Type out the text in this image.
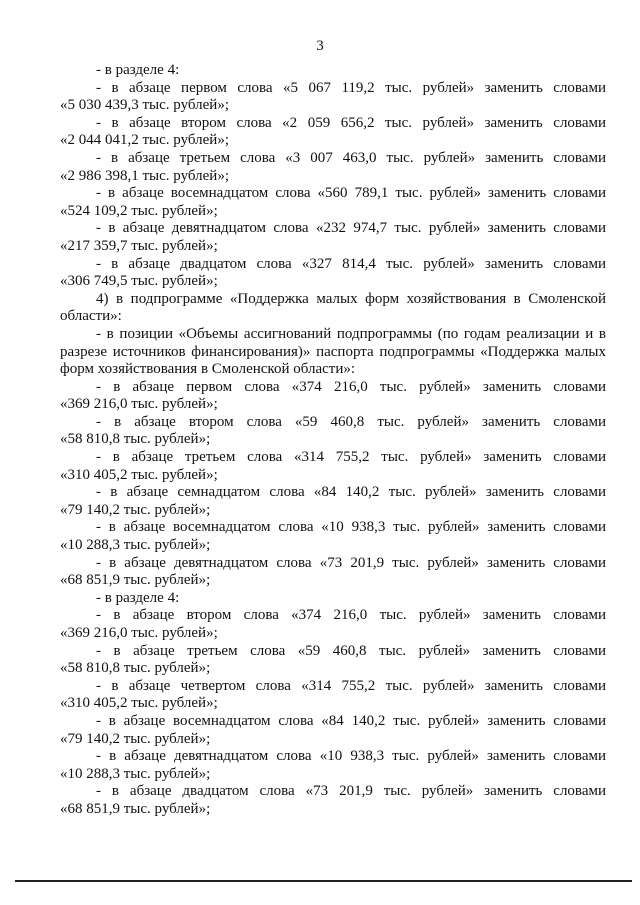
3
- в разделе 4:
- в абзаце первом слова «5 067 119,2 тыс. рублей» заменить словами
«5 030 439,3 тыс. рублей»;
- в абзаце втором слова «2 059 656,2 тыс. рублей» заменить словами
«2 044 041,2 тыс. рублей»;
- в абзаце третьем слова «3 007 463,0 тыс. рублей» заменить словами
«2 986 398,1 тыс. рублей»;
- в абзаце восемнадцатом слова «560 789,1 тыс. рублей» заменить словами
«524 109,2 тыс. рублей»;
- в абзаце девятнадцатом слова «232 974,7 тыс. рублей» заменить словами
«217 359,7 тыс. рублей»;
- в абзаце двадцатом слова «327 814,4 тыс. рублей» заменить словами
«306 749,5 тыс. рублей»;
4) в подпрограмме «Поддержка малых форм хозяйствования в Смоленской
области»:
- в позиции «Объемы ассигнований подпрограммы (по годам реализации и в
разрезе источников финансирования)» паспорта подпрограммы «Поддержка малых
форм хозяйствования в Смоленской области»:
- в абзаце первом слова «374 216,0 тыс. рублей» заменить словами
«369 216,0 тыс. рублей»;
- в абзаце втором слова «59 460,8 тыс. рублей» заменить словами
«58 810,8 тыс. рублей»;
- в абзаце третьем слова «314 755,2 тыс. рублей» заменить словами
«310 405,2 тыс. рублей»;
- в абзаце семнадцатом слова «84 140,2 тыс. рублей» заменить словами
«79 140,2 тыс. рублей»;
- в абзаце восемнадцатом слова «10 938,3 тыс. рублей» заменить словами
«10 288,3 тыс. рублей»;
- в абзаце девятнадцатом слова «73 201,9 тыс. рублей» заменить словами
«68 851,9 тыс. рублей»;
- в разделе 4:
- в абзаце втором слова «374 216,0 тыс. рублей» заменить словами
«369 216,0 тыс. рублей»;
- в абзаце третьем слова «59 460,8 тыс. рублей» заменить словами
«58 810,8 тыс. рублей»;
- в абзаце четвертом слова «314 755,2 тыс. рублей» заменить словами
«310 405,2 тыс. рублей»;
- в абзаце восемнадцатом слова «84 140,2 тыс. рублей» заменить словами
«79 140,2 тыс. рублей»;
- в абзаце девятнадцатом слова «10 938,3 тыс. рублей» заменить словами
«10 288,3 тыс. рублей»;
- в абзаце двадцатом слова «73 201,9 тыс. рублей» заменить словами
«68 851,9 тыс. рублей»;
